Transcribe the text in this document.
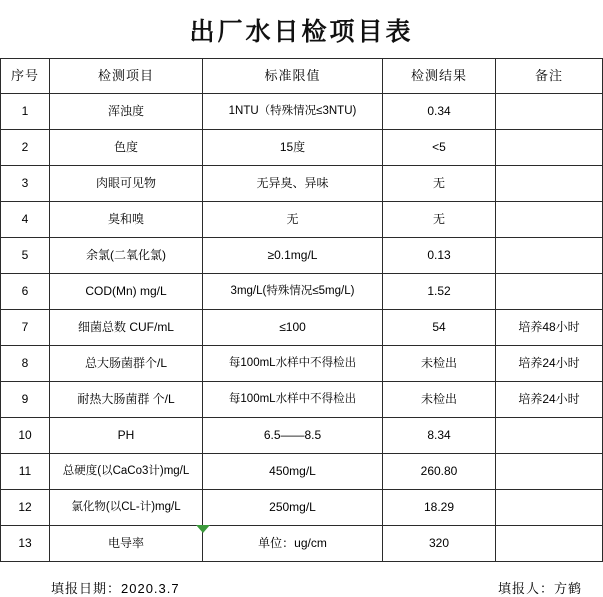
出厂水日检项目表
序号	检测项目	标准限值	检测结果	备注
1	浑浊度	1NTU（特殊情况≤3NTU)	0.34	
2	色度	15度	<5	
3	肉眼可见物	无异臭、异味	无	
4	臭和嗅	无	无	
5	余氯(二氧化氯)	≥0.1mg/L	0.13	
6	COD(Mn) mg/L	3mg/L(特殊情况≤5mg/L)	1.52	
7	细菌总数 CUF/mL	≤100	54	培养48小时
8	总大肠菌群个/L	每100mL水样中不得检出	未检出	培养24小时
9	耐热大肠菌群 个/L	每100mL水样中不得检出	未检出	培养24小时
10	PH	6.5——8.5	8.34	
11	总硬度(以CaCo3计)mg/L	450mg/L	260.80	
12	氯化物(以CL-计)mg/L	250mg/L	18.29	
13	电导率	单位：ug/cm	320	
填报日期：2020.3.7	填报人：方鹤
